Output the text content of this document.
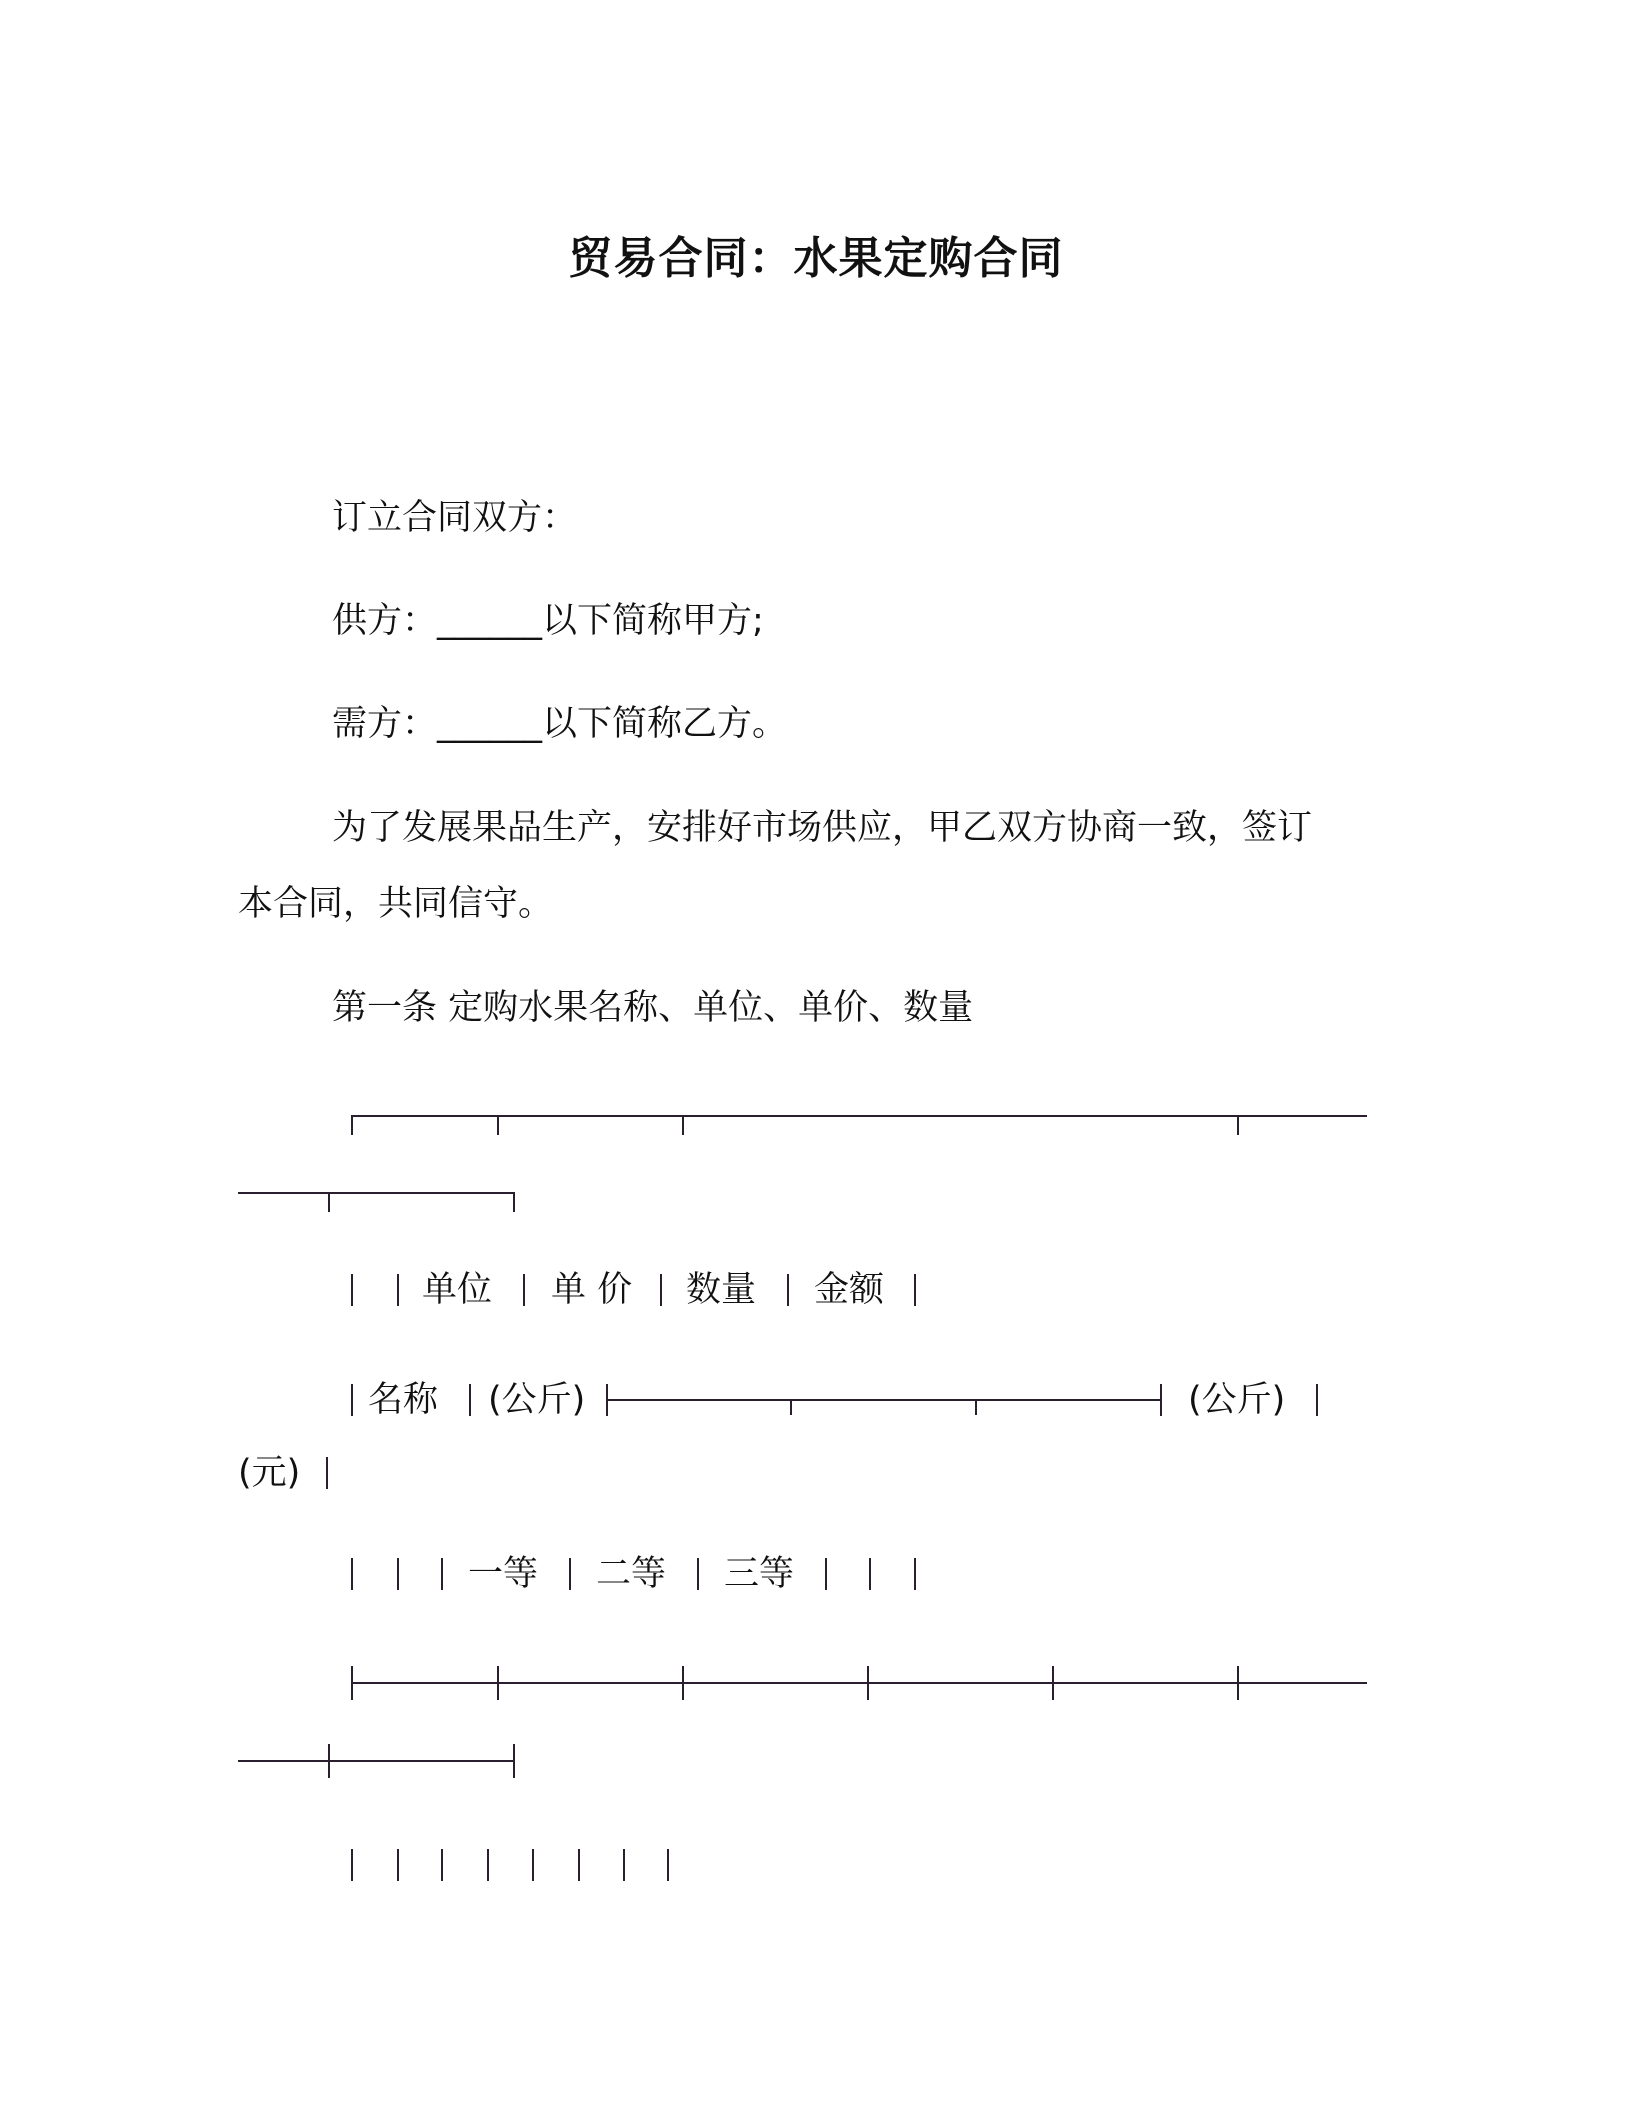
贸易合同：水果定购合同
订立合同双方：
供方：______以下简称甲方;
需方：______以下简称乙方。
为了发展果品生产，安排好市场供应，甲乙双方协商一致，签订
本合同，共同信守。
第一条 定购水果名称、单位、单价、数量
单位 单 价 数量 金额
名称 (公斤)	(公斤)
(元)
一等 二等 三等
